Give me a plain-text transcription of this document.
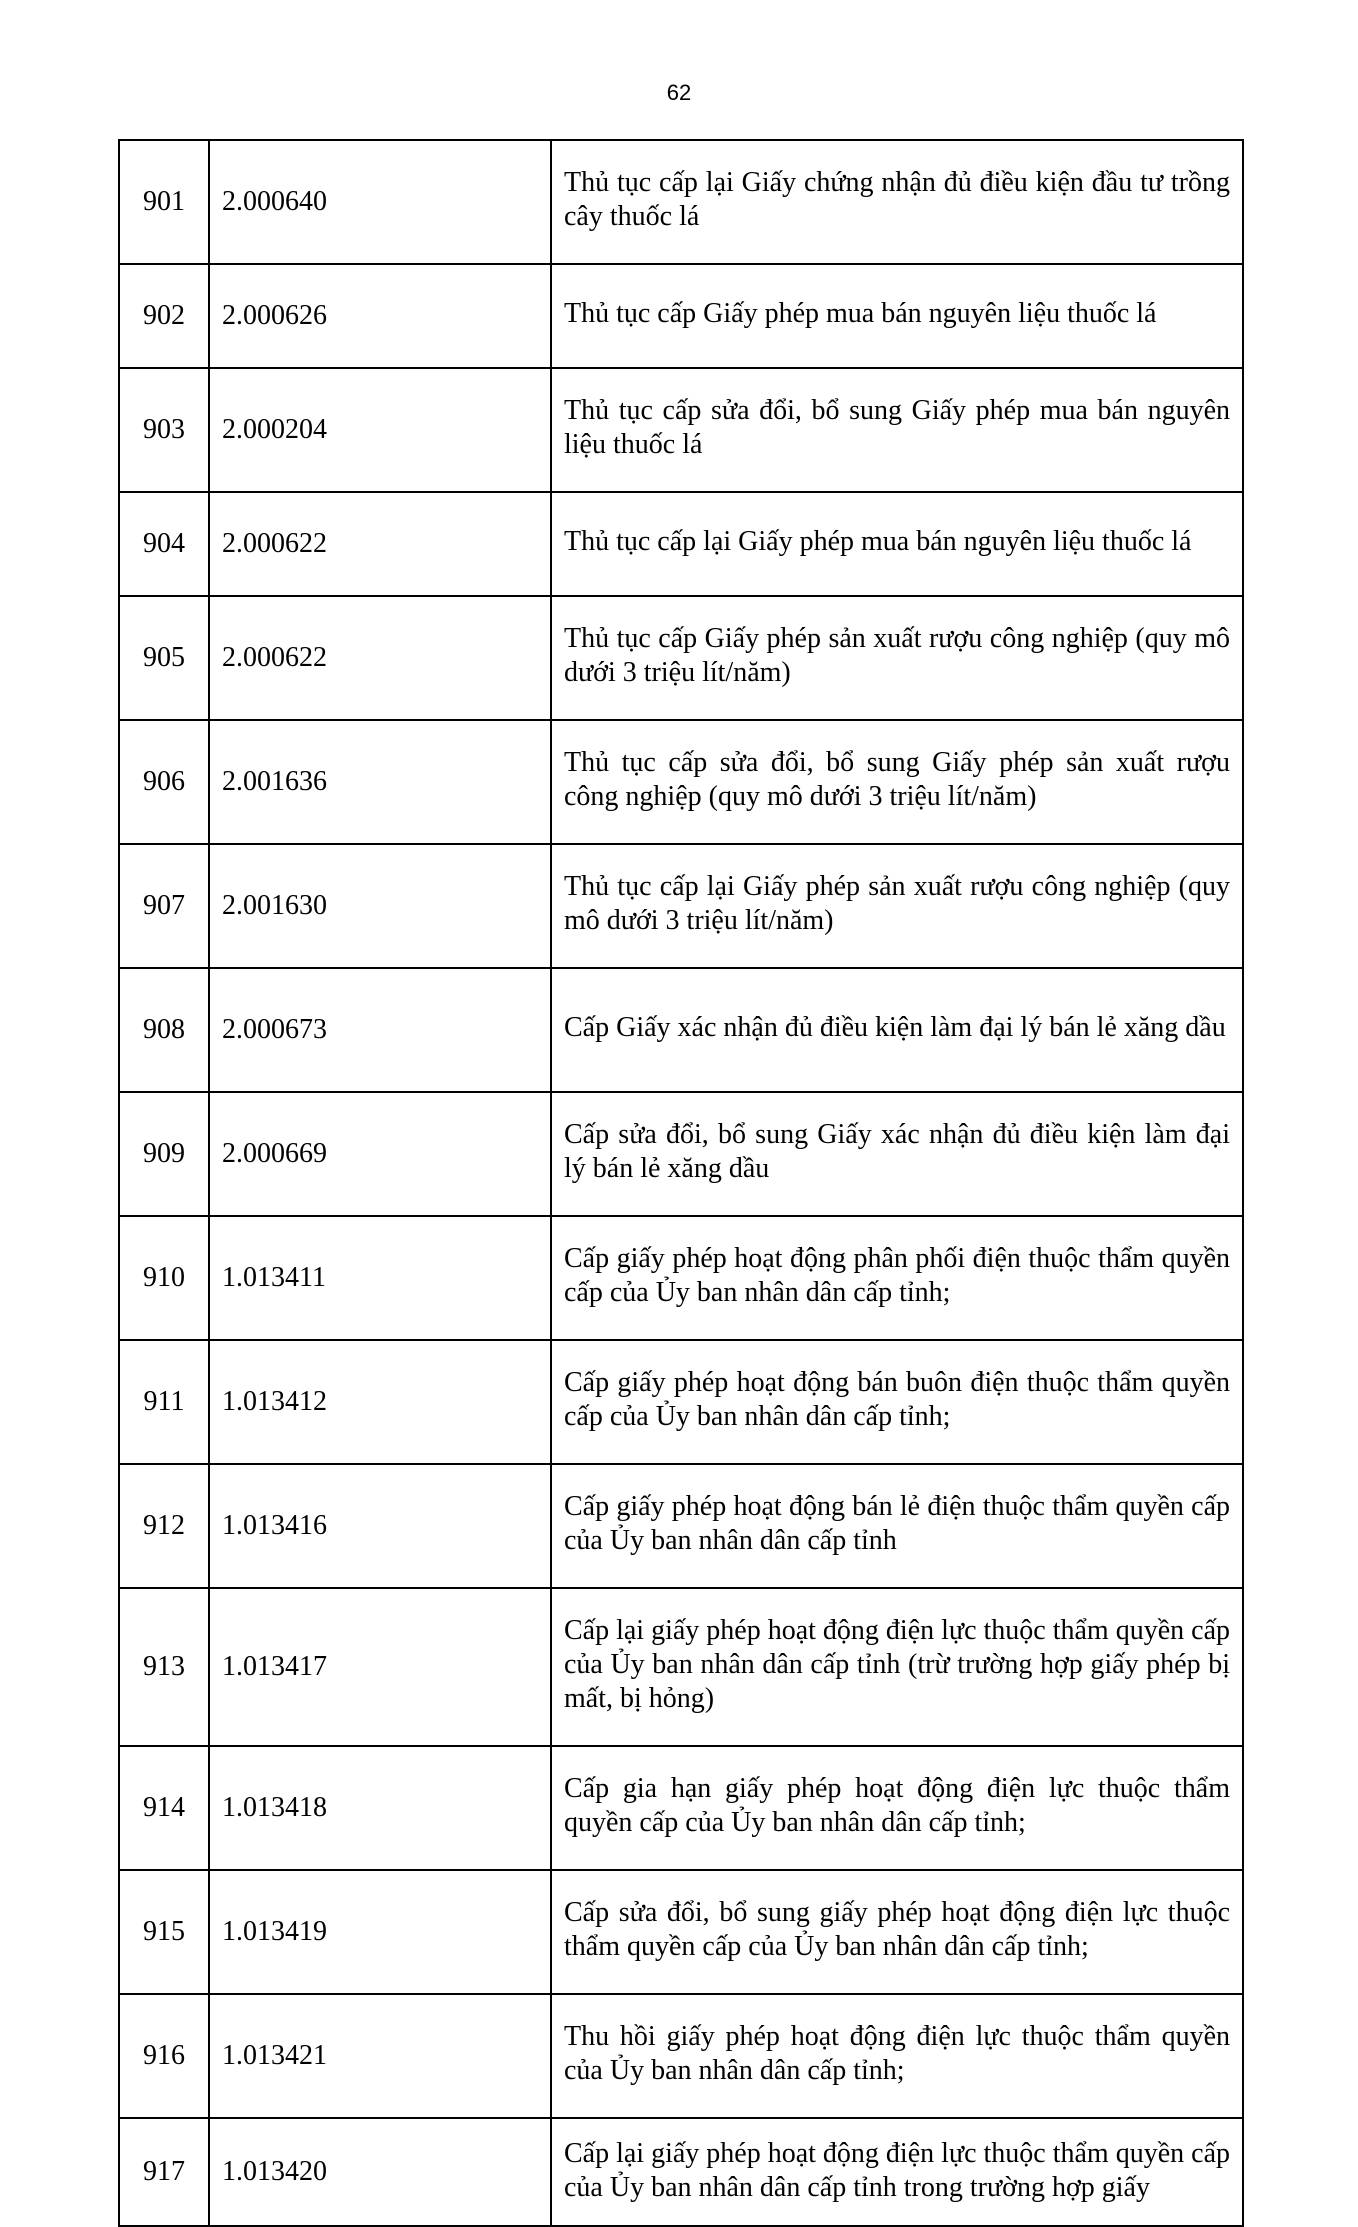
62
901	2.000640	Thủ tục cấp lại Giấy chứng nhận đủ điều kiện đầu tư trồng cây thuốc lá
902	2.000626	Thủ tục cấp Giấy phép mua bán nguyên liệu thuốc lá
903	2.000204	Thủ tục cấp sửa đổi, bổ sung Giấy phép mua bán nguyên liệu thuốc lá
904	2.000622	Thủ tục cấp lại Giấy phép mua bán nguyên liệu thuốc lá
905	2.000622	Thủ tục cấp Giấy phép sản xuất rượu công nghiệp (quy mô dưới 3 triệu lít/năm)
906	2.001636	Thủ tục cấp sửa đổi, bổ sung Giấy phép sản xuất rượu công nghiệp (quy mô dưới 3 triệu lít/năm)
907	2.001630	Thủ tục cấp lại Giấy phép sản xuất rượu công nghiệp (quy mô dưới 3 triệu lít/năm)
908	2.000673	Cấp Giấy xác nhận đủ điều kiện làm đại lý bán lẻ xăng dầu
909	2.000669	Cấp sửa đổi, bổ sung Giấy xác nhận đủ điều kiện làm đại lý bán lẻ xăng dầu
910	1.013411	Cấp giấy phép hoạt động phân phối điện thuộc thẩm quyền cấp của Ủy ban nhân dân cấp tỉnh;
911	1.013412	Cấp giấy phép hoạt động bán buôn điện thuộc thẩm quyền cấp của Ủy ban nhân dân cấp tỉnh;
912	1.013416	Cấp giấy phép hoạt động bán lẻ điện thuộc thẩm quyền cấp của Ủy ban nhân dân cấp tỉnh
913	1.013417	Cấp lại giấy phép hoạt động điện lực thuộc thẩm quyền cấp của Ủy ban nhân dân cấp tỉnh (trừ trường hợp giấy phép bị mất, bị hỏng)
914	1.013418	Cấp gia hạn giấy phép hoạt động điện lực thuộc thẩm quyền cấp của Ủy ban nhân dân cấp tỉnh;
915	1.013419	Cấp sửa đổi, bổ sung giấy phép hoạt động điện lực thuộc thẩm quyền cấp của Ủy ban nhân dân cấp tỉnh;
916	1.013421	Thu hồi giấy phép hoạt động điện lực thuộc thẩm quyền của Ủy ban nhân dân cấp tỉnh;
917	1.013420	Cấp lại giấy phép hoạt động điện lực thuộc thẩm quyền cấp của Ủy ban nhân dân cấp tỉnh trong trường hợp giấy
